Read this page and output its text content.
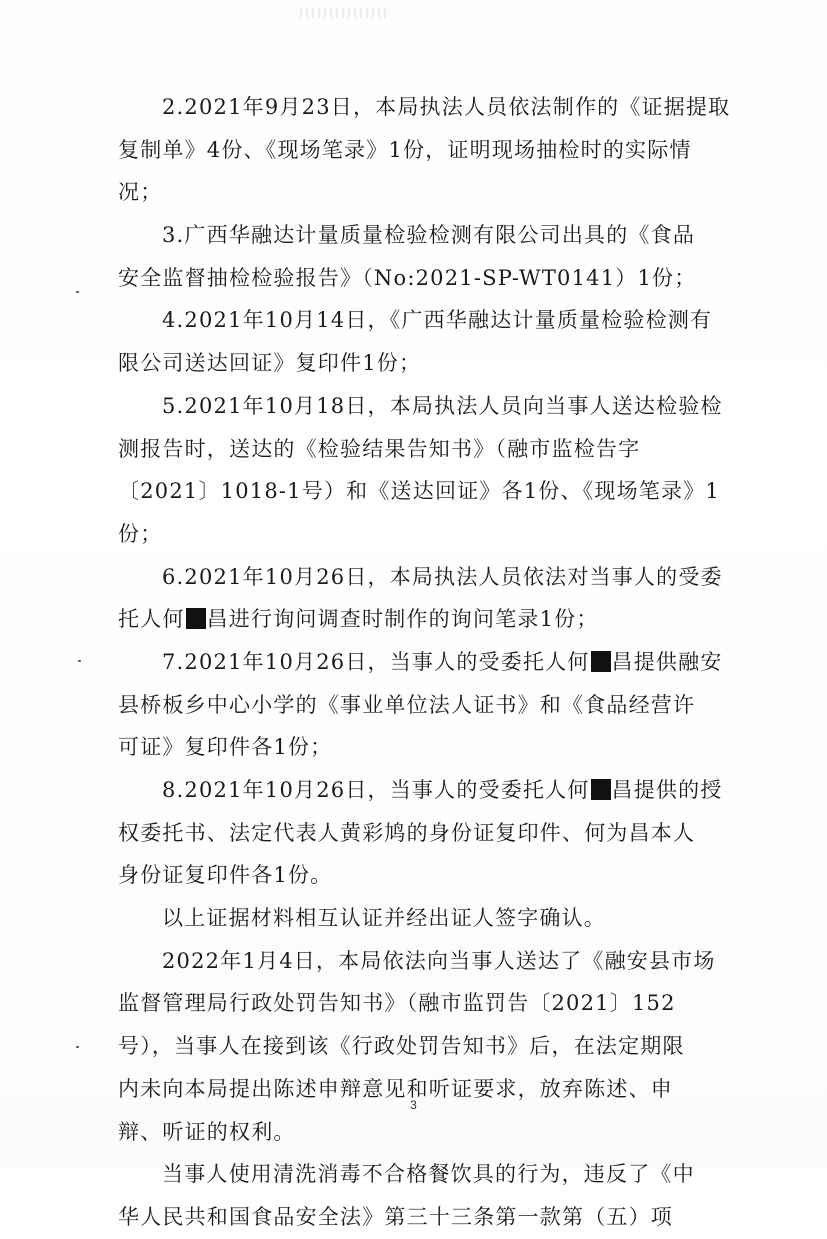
2.2021年9月23日，本局执法人员依法制作的《证据提取
复制单》4份、《现场笔录》1份，证明现场抽检时的实际情
况；
3.广西华融达计量质量检验检测有限公司出具的《食品
安全监督抽检检验报告》（No:2021-SP-WT0141）1份；
4.2021年10月14日，《广西华融达计量质量检验检测有
限公司送达回证》复印件1份；
5.2021年10月18日，本局执法人员向当事人送达检验检
测报告时，送达的《检验结果告知书》（融市监检告字
〔2021〕1018-1号）和《送达回证》各1份、《现场笔录》1
份；
6.2021年10月26日，本局执法人员依法对当事人的受委
托人何 昌进行询问调查时制作的询问笔录1份；
7.2021年10月26日，当事人的受委托人何 昌提供融安
县桥板乡中心小学的《事业单位法人证书》和《食品经营许
可证》复印件各1份；
8.2021年10月26日，当事人的受委托人何 昌提供的授
权委托书、法定代表人黄彩鸠的身份证复印件、何为昌本人
身份证复印件各1份。
以上证据材料相互认证并经出证人签字确认。
2022年1月4日，本局依法向当事人送达了《融安县市场
监督管理局行政处罚告知书》（融市监罚告〔2021〕152
号），当事人在接到该《行政处罚告知书》后，在法定期限
内未向本局提出陈述申辩意见和听证要求，放弃陈述、申
辩、听证的权利。
当事人使用清洗消毒不合格餐饮具的行为，违反了《中
华人民共和国食品安全法》第三十三条第一款第（五）项
3
